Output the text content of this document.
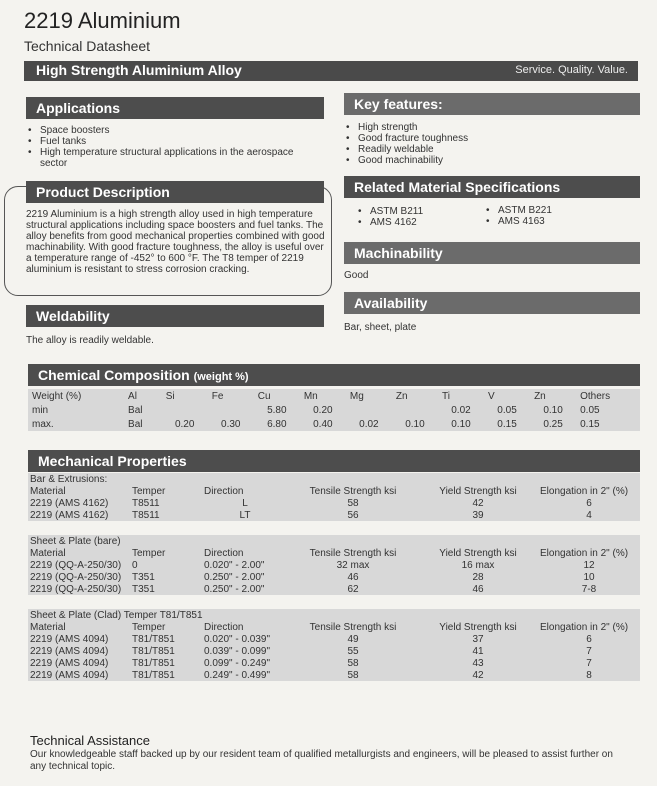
2219 Aluminium
Technical Datasheet
High Strength Aluminium Alloy	Service. Quality. Value.
Applications
• Space boosters
• Fuel tanks
• High temperature structural applications in the aerospace sector
Product Description
2219 Aluminium is a high strength alloy used in high temperature structural applications including space boosters and fuel tanks. The alloy benefits from good mechanical properties combined with good machinability. With good fracture toughness, the alloy is useful over a temperature range of -452° to 600 °F. The T8 temper of 2219 aluminium is resistant to stress corrosion cracking.
Weldability
The alloy is readily weldable.
Key features:
• High strength
• Good fracture toughness
• Readily weldable
• Good machinability
Related Material Specifications
• ASTM B211
• AMS 4162
• ASTM B221
• AMS 4163
Machinability
Good
Availability
Bar, sheet, plate
Chemical Composition (weight %)
Weight (%)	Al	Si	Fe	Cu	Mn	Mg	Zn	Ti	V	Zn	Others
min	Bal			5.80	0.20			0.02	0.05	0.10	0.05
max.	Bal	0.20	0.30	6.80	0.40	0.02	0.10	0.10	0.15	0.25	0.15
Mechanical Properties
Bar & Extrusions:					
Material	Temper	Direction	Tensile Strength ksi	Yield Strength ksi	Elongation in 2" (%)
2219 (AMS 4162)	T8511	L	58	42	6
2219 (AMS 4162)	T8511	LT	56	39	4

Sheet & Plate (bare)					
Material	Temper	Direction	Tensile Strength ksi	Yield Strength ksi	Elongation in 2" (%)
2219 (QQ-A-250/30)	0	0.020" - 2.00"	32 max	16 max	12
2219 (QQ-A-250/30)	T351	0.250" - 2.00"	46	28	10
2219 (QQ-A-250/30)	T351	0.250" - 2.00"	62	46	7-8

Sheet & Plate (Clad) Temper T81/T851					
Material	Temper	Direction	Tensile Strength ksi	Yield Strength ksi	Elongation in 2" (%)
2219 (AMS 4094)	T81/T851	0.020" - 0.039"	49	37	6
2219 (AMS 4094)	T81/T851	0.039" - 0.099"	55	41	7
2219 (AMS 4094)	T81/T851	0.099" - 0.249"	58	43	7
2219 (AMS 4094)	T81/T851	0.249" - 0.499"	58	42	8
Technical Assistance
Our knowledgeable staff backed up by our resident team of qualified metallurgists and engineers, will be pleased to assist further on any technical topic.
